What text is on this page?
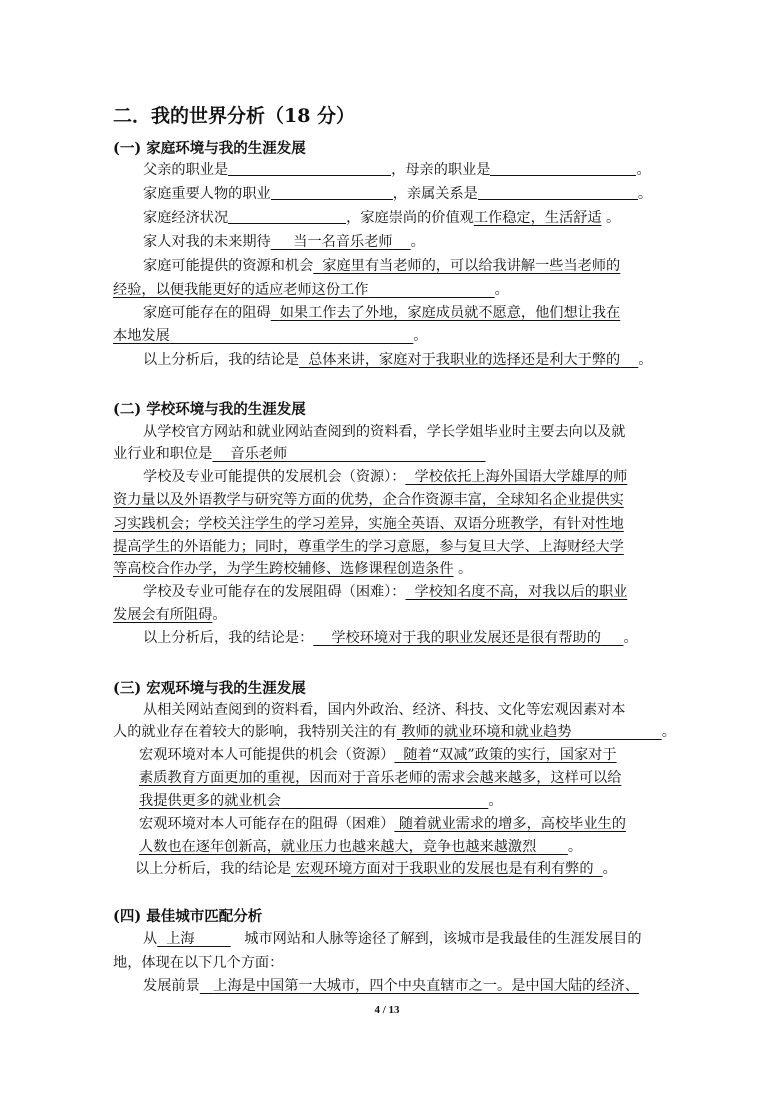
二．我的世界分析（18 分）
(一) 家庭环境与我的生涯发展
父亲的职业是	，母亲的职业是	。
家庭重要人物的职业	，亲属关系是	。
家庭经济状况	，家庭崇尚的价值观工作稳定，生活舒适 。
家人对我的未来期待 当一名音乐老师 。
家庭可能提供的资源和机会 家庭里有当老师的，可以给我讲解一些当老师的
经验，以便我能更好的适应老师这份工作	。
家庭可能存在的阻碍 如果工作去了外地，家庭成员就不愿意，他们想让我在
本地发展	。
以上分析后，我的结论是 总体来讲，家庭对于我职业的选择还是利大于弊的 。
(二) 学校环境与我的生涯发展
从学校官方网站和就业网站查阅到的资料看，学长学姐毕业时主要去向以及就
业行业和职位是 音乐老师
学校及专业可能提供的发展机会（资源）： 学校依托上海外国语大学雄厚的师
资力量以及外语教学与研究等方面的优势，企合作资源丰富，全球知名企业提供实
习实践机会；学校关注学生的学习差异，实施全英语、双语分班教学，有针对性地
提高学生的外语能力；同时，尊重学生的学习意愿，参与复旦大学、上海财经大学
等高校合作办学，为学生跨校辅修、选修课程创造条件 。
学校及专业可能存在的发展阻碍（困难）： 学校知名度不高，对我以后的职业
发展会有所阻碍。
以上分析后，我的结论是： 学校环境对于我的职业发展还是很有帮助的 。
(三) 宏观环境与我的生涯发展
从相关网站查阅到的资料看，国内外政治、经济、科技、文化等宏观因素对本
人的就业存在着较大的影响，我特别关注的有 教师的就业环境和就业趋势	。
宏观环境对本人可能提供的机会（资源） 随着“双减”政策的实行，国家对于
素质教育方面更加的重视，因而对于音乐老师的需求会越来越多，这样可以给
我提供更多的就业机会	。
宏观环境对本人可能存在的阻碍（困难） 随着就业需求的增多，高校毕业生的
人数也在逐年创新高，就业压力也越来越大，竞争也越来越激烈 。
以上分析后，我的结论是 宏观环境方面对于我职业的发展也是有利有弊的 。
(四) 最佳城市匹配分析
从 上海	城市网站和人脉等途径了解到，该城市是我最佳的生涯发展目的
地，体现在以下几个方面：
发展前景 上海是中国第一大城市，四个中央直辖市之一。是中国大陆的经济、
4 / 13
